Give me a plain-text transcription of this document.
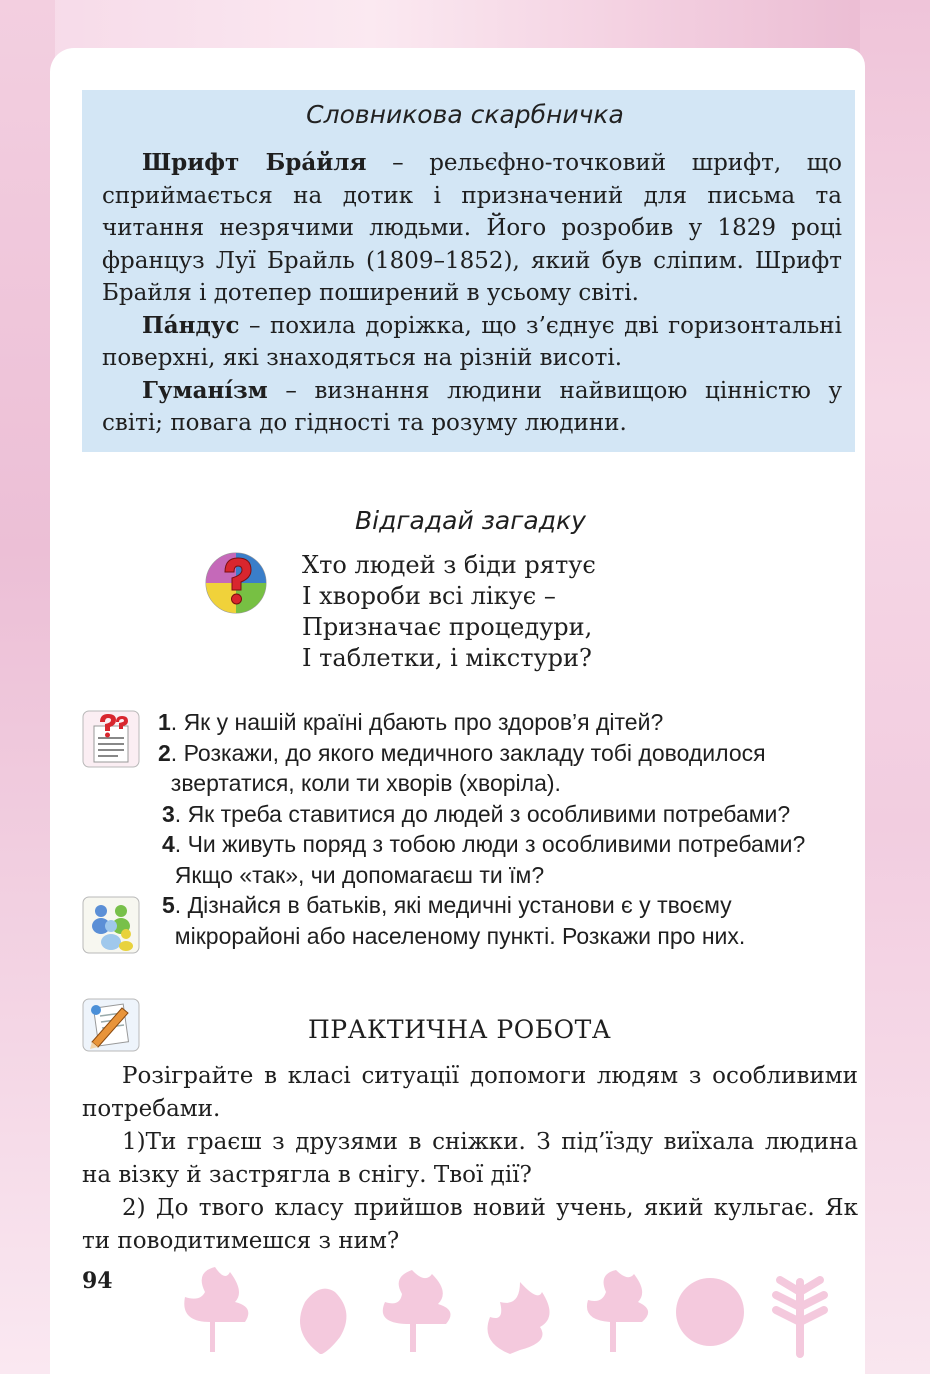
Словникова скарбничка

Шрифт Бра́йля – рельєфно-точковий шрифт, що сприймається на дотик і призначений для письма та читання незрячими людьми. Його розробив у 1829 році француз Луї Брайль (1809–1852), який був сліпим. Шрифт Брайля і дотепер поширений в усьому світі.

Па́ндус – похила доріжка, що з’єднує дві горизонтальні поверхні, які знаходяться на різній висоті.

Гумані́зм – визнання людини найвищою цінністю у світі; повага до гідності та розуму людини.

Відгадай загадку
Хто людей з біди рятує
І хвороби всі лікує –
Призначає процедури,
І таблетки, і мікстури?
1 . Як у нашій країні дбають про здоров’я дітей?
2 . Розкажи, до якого медичного закладу тобі доводилося звертатися, коли ти хворів (хворіла).
3 . Як треба ставитися до людей з особливими потребами?
4 . Чи живуть поряд з тобою люди з особливими потребами? Якщо «так», чи допомагаєш ти їм?
5 . Дізнайся в батьків, які медичні установи є у твоєму мікрорайоні або населеному пункті. Розкажи про них.
ПРАКТИЧНА РОБОТА

Розіграйте в класі ситуації допомоги людям з особливими потребами.

1)Ти граєш з друзями в сніжки. З під’їзду виїхала людина на візку й застрягла в снігу. Твої дії?

2) До твого класу прийшов новий учень, який кульгає. Як ти поводитимешся з ним?

94
